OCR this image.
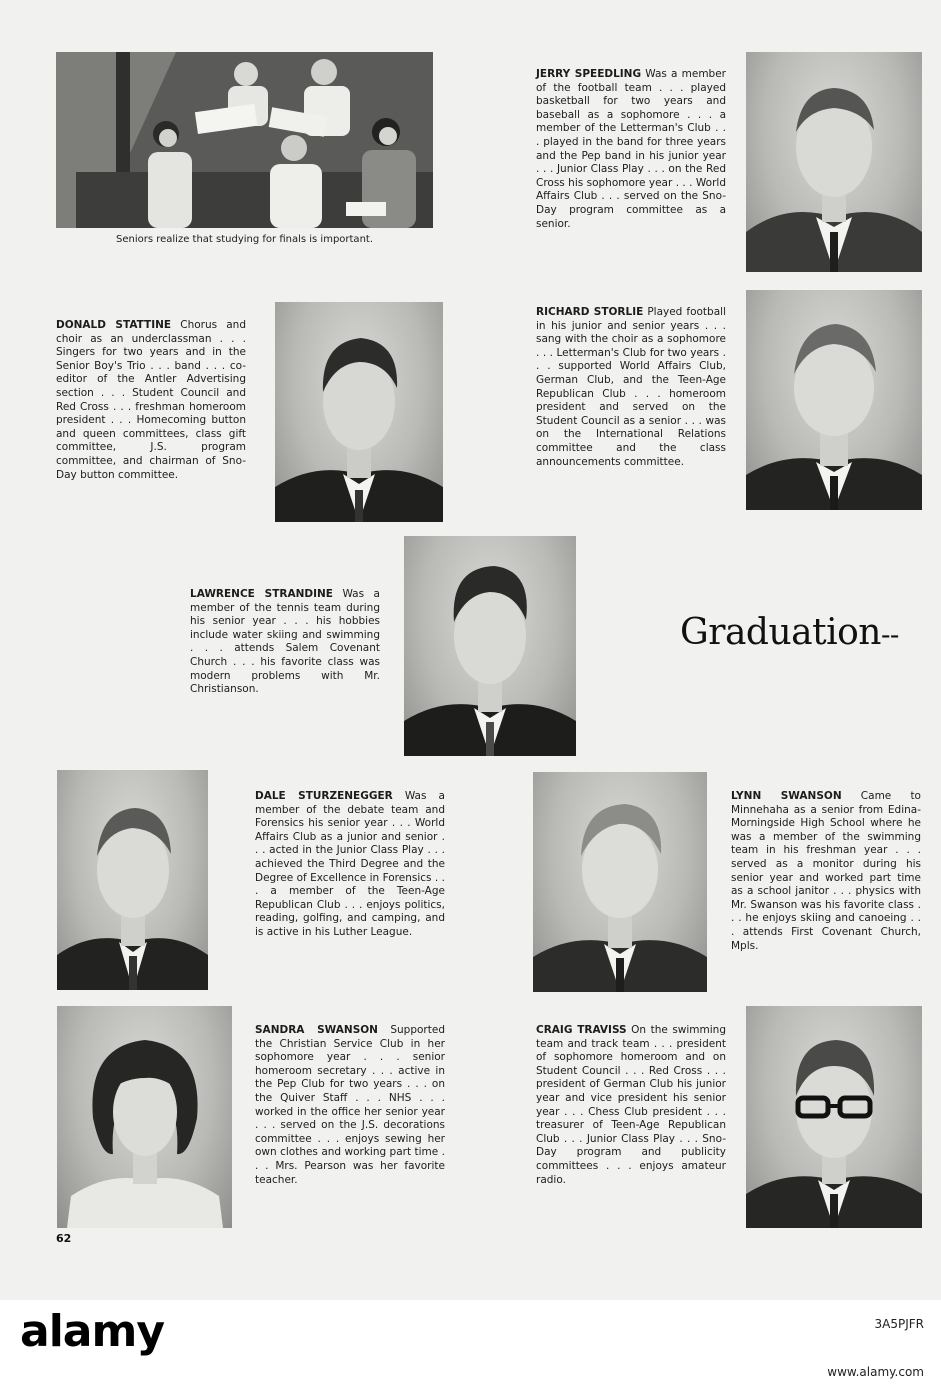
Seniors realize that studying for finals is important.

JERRY SPEEDLING Was a member of the football team . . . played basketball for two years and baseball as a sophomore . . . a member of the Letterman's Club . . . played in the band for three years and the Pep band in his junior year . . . Junior Class Play . . . on the Red Cross his sophomore year . . . World Affairs Club . . . served on the Sno-Day program committee as a senior.

DONALD STATTINE Chorus and choir as an underclassman . . . Singers for two years and in the Senior Boy's Trio . . . band . . . co-editor of the Antler Advertising section . . . Student Council and Red Cross . . . freshman homeroom president . . . Homecoming button and queen committees, class gift committee, J.S. program committee, and chairman of Sno-Day button committee.

RICHARD STORLIE Played football in his junior and senior years . . . sang with the choir as a sophomore . . . Letterman's Club for two years . . . supported World Affairs Club, German Club, and the Teen-Age Republican Club . . . homeroom president and served on the Student Council as a senior . . . was on the International Relations committee and the class announcements committee.

LAWRENCE STRANDINE Was a member of the tennis team during his senior year . . . his hobbies include water skiing and swimming . . . attends Salem Covenant Church . . . his favorite class was modern problems with Mr. Christianson.

Graduation--

DALE STURZENEGGER Was a member of the debate team and Forensics his senior year . . . World Affairs Club as a junior and senior . . . acted in the Junior Class Play . . . achieved the Third Degree and the Degree of Excellence in Forensics . . . a member of the Teen-Age Republican Club . . . enjoys politics, reading, golfing, and camping, and is active in his Luther League.

LYNN SWANSON Came to Minnehaha as a senior from Edina-Morningside High School where he was a member of the swimming team in his freshman year . . . served as a monitor during his senior year and worked part time as a school janitor . . . physics with Mr. Swanson was his favorite class . . . he enjoys skiing and canoeing . . . attends First Covenant Church, Mpls.

SANDRA SWANSON Supported the Christian Service Club in her sophomore year . . . senior homeroom secretary . . . active in the Pep Club for two years . . . on the Quiver Staff . . . NHS . . . worked in the office her senior year . . . served on the J.S. decorations committee . . . enjoys sewing her own clothes and working part time . . . Mrs. Pearson was her favorite teacher.

CRAIG TRAVISS On the swimming team and track team . . . president of sophomore homeroom and on Student Council . . . Red Cross . . . president of German Club his junior year and vice president his senior year . . . Chess Club president . . . treasurer of Teen-Age Republican Club . . . Junior Class Play . . . Sno-Day program and publicity committees . . . enjoys amateur radio.

62

alamy	3A5PJFR

www.alamy.com
